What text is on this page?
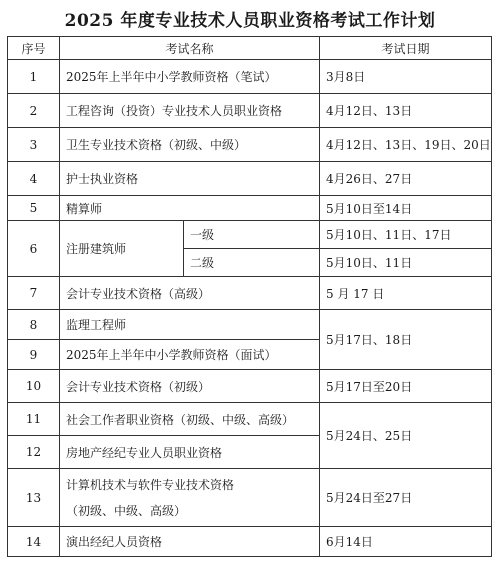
2025 年度专业技术人员职业资格考试工作计划
序号	考试名称		考试日期
1	2025年上半年中小学教师资格（笔试）		3月8日
2	工程咨询（投资）专业技术人员职业资格		4月12日、13日
3	卫生专业技术资格（初级、中级）		4月12日、13日、19日、20日
4	护士执业资格		4月26日、27日
5	精算师		5月10日至14日
6	注册建筑师	一级	5月10日、11日、17日
		二级	5月10日、11日
7	会计专业技术资格（高级）		5 月 17 日
8	监理工程师		5月17日、18日
9	2025年上半年中小学教师资格（面试）		
10	会计专业技术资格（初级）		5月17日至20日
11	社会工作者职业资格（初级、中级、高级）		5月24日、25日
12	房地产经纪专业人员职业资格		
13	计算机技术与软件专业技术资格
（初级、中级、高级）		5月24日至27日
14	演出经纪人员资格		6月14日
